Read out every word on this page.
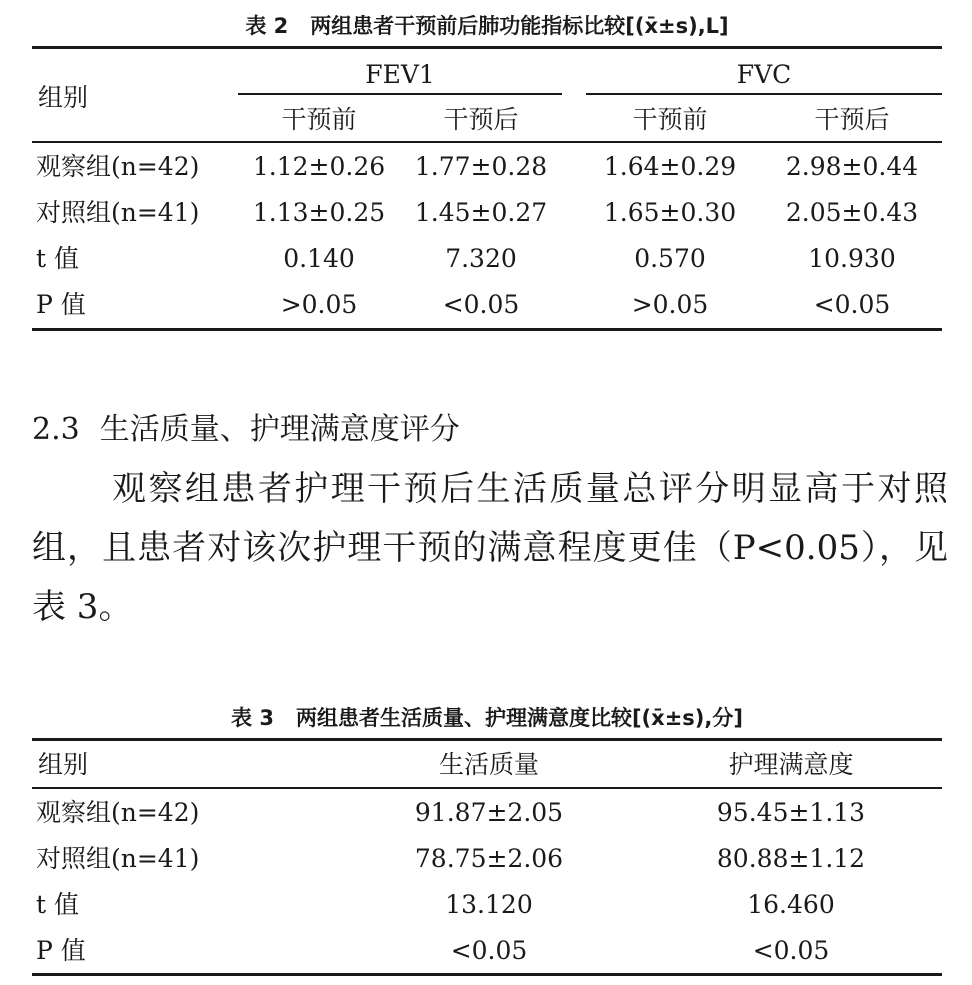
表 2 两组患者干预前后肺功能指标比较[(x̄±s),L]
组别
FEV1	FVC
干预前	干预后	干预前	干预后
观察组(n=42)	1.12±0.26	1.77±0.28	1.64±0.29	2.98±0.44
对照组(n=41)	1.13±0.25	1.45±0.27	1.65±0.30	2.05±0.43
t 值	0.140	7.320	0.570	10.930
P 值	>0.05	<0.05	>0.05	<0.05
2.3 生活质量、护理满意度评分

观察组患者护理干预后生活质量总评分明显高于对照组，且患者对该次护理干预的满意程度更佳（P<0.05），见表 3。

表 3 两组患者生活质量、护理满意度比较[(x̄±s),分]
组别	生活质量	护理满意度
观察组(n=42)	91.87±2.05	95.45±1.13
对照组(n=41)	78.75±2.06	80.88±1.12
t 值	13.120	16.460
P 值	<0.05	<0.05
